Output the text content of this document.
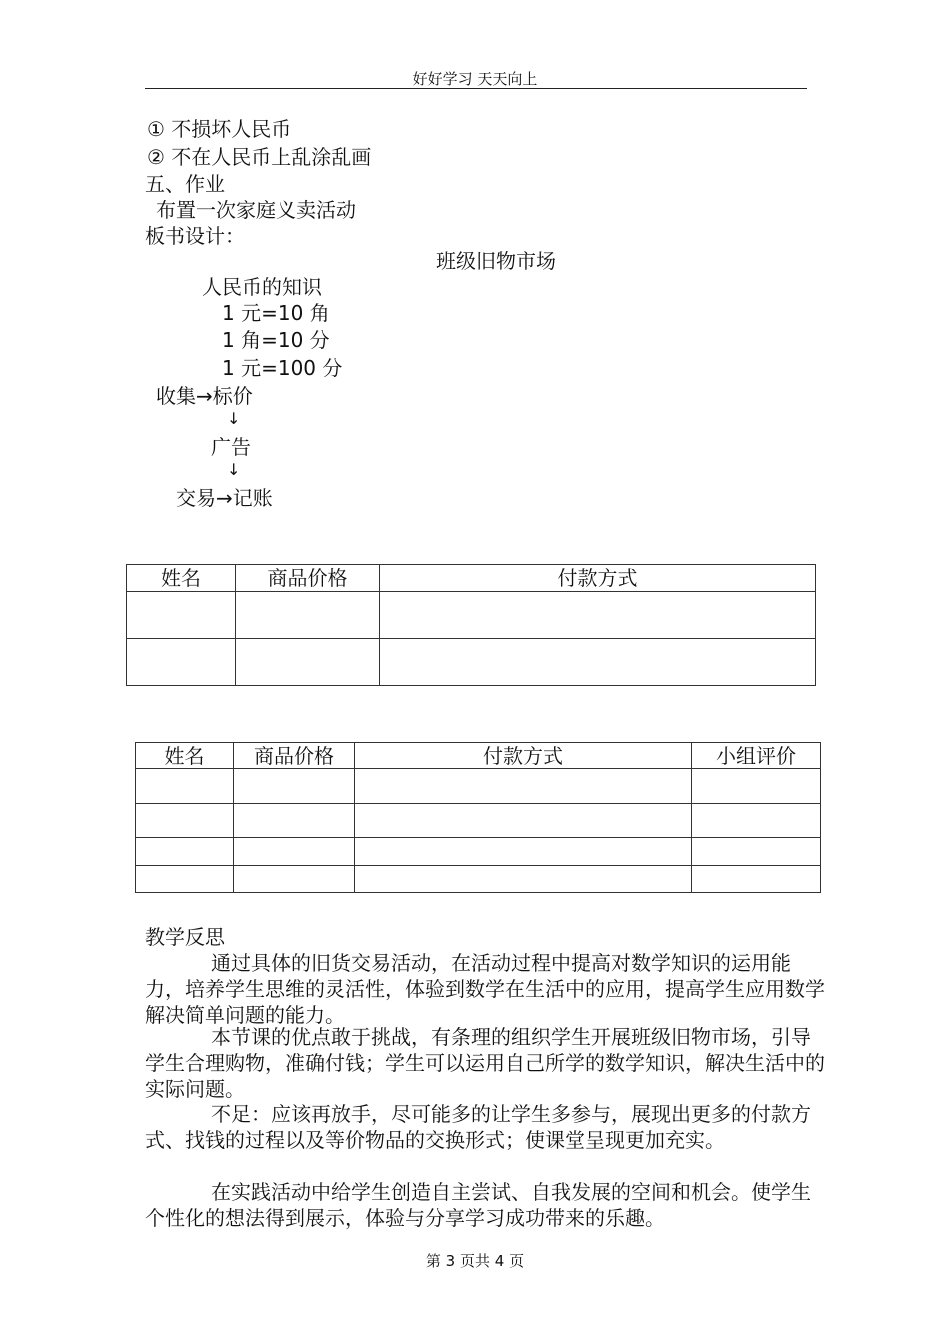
好好学习 天天向上
① 不损坏人民币
② 不在人民币上乱涂乱画
五、作业
布置一次家庭义卖活动
板书设计：
班级旧物市场
人民币的知识
1 元=10 角
1 角=10 分
1 元=100 分
收集→标价
↓
广告
↓
交易→记账
姓名	商品价格	付款方式

姓名	商品价格	付款方式	小组评价

教学反思
通过具体的旧货交易活动，在活动过程中提高对数学知识的运用能力，培养学生思维的灵活性，体验到数学在生活中的应用，提高学生应用数学解决简单问题的能力。
本节课的优点敢于挑战，有条理的组织学生开展班级旧物市场，引导学生合理购物，准确付钱；学生可以运用自己所学的数学知识，解决生活中的实际问题。
不足：应该再放手，尽可能多的让学生多参与，展现出更多的付款方式、找钱的过程以及等价物品的交换形式；使课堂呈现更加充实。
在实践活动中给学生创造自主尝试、自我发展的空间和机会。使学生个性化的想法得到展示，体验与分享学习成功带来的乐趣。
第 3 页共 4 页
